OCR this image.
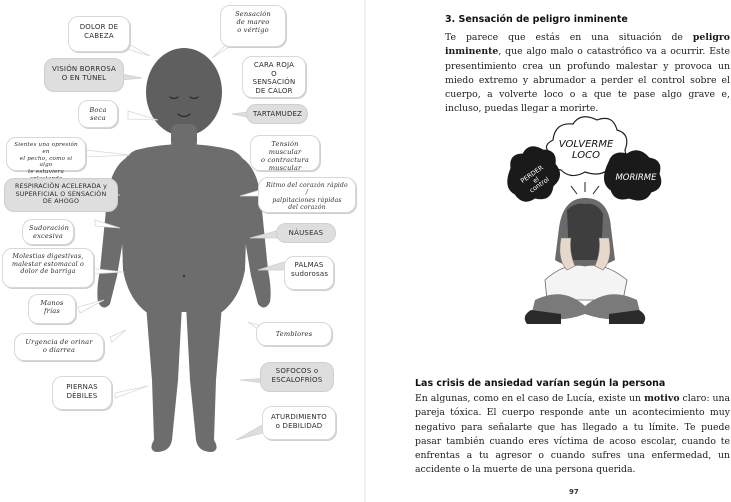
DOLOR DE
CABEZA
Sensación
de mareo
o vértigo
VISIÓN BORROSA
O EN TÚNEL
CARA ROJA
O SENSACIÓN
DE CALOR
Boca
seca
TARTAMUDEZ
Sientes una opresión en
el pecho, como si algo
te estuviera
Tensión muscular
o contractura
muscular
RESPIRACIÓN ACELERADA y
SUPERFICIAL O SENSACIÓN
DE AHOGO
Ritmo del corazón rápido /
palpitaciones rápidas
del corazón
Sudoración
excesiva	NÁUSEAS
Molestias digestivas,
malestar estomacal o
dolor de barriga
PALMAS
sudorosas
Manos
frías
Temblores
Urgencia de orinar
o diarrea
SOFOCOS o
ESCALOFRÍOS
PIERNAS
DÉBILES
ATURDIMIENTO
o DEBILIDAD
3. Sensación de peligro inminente
Te parece que estás en una situación de peligro inminente, que algo malo o catastrófico va a ocurrir. Este presentimiento crea un profundo malestar y provoca un miedo extremo y abrumador a perder el control sobre el cuerpo, a volverte loco o a que te pase algo grave e, incluso, puedas llegar a morirte.
VOLVERME
LOCO
PERDER
el
control	MORIRME
Las crisis de ansiedad varían según la persona
En algunas, como en el caso de Lucía, existe un motivo claro: una pareja tóxica. El cuerpo responde ante un acontecimiento muy negativo para señalarte que has llegado a tu límite. Te puede pasar también cuando eres víctima de acoso escolar, cuando te enfrentas a tu agresor o cuando sufres una enfermedad, un accidente o la muerte de una persona querida.
97
